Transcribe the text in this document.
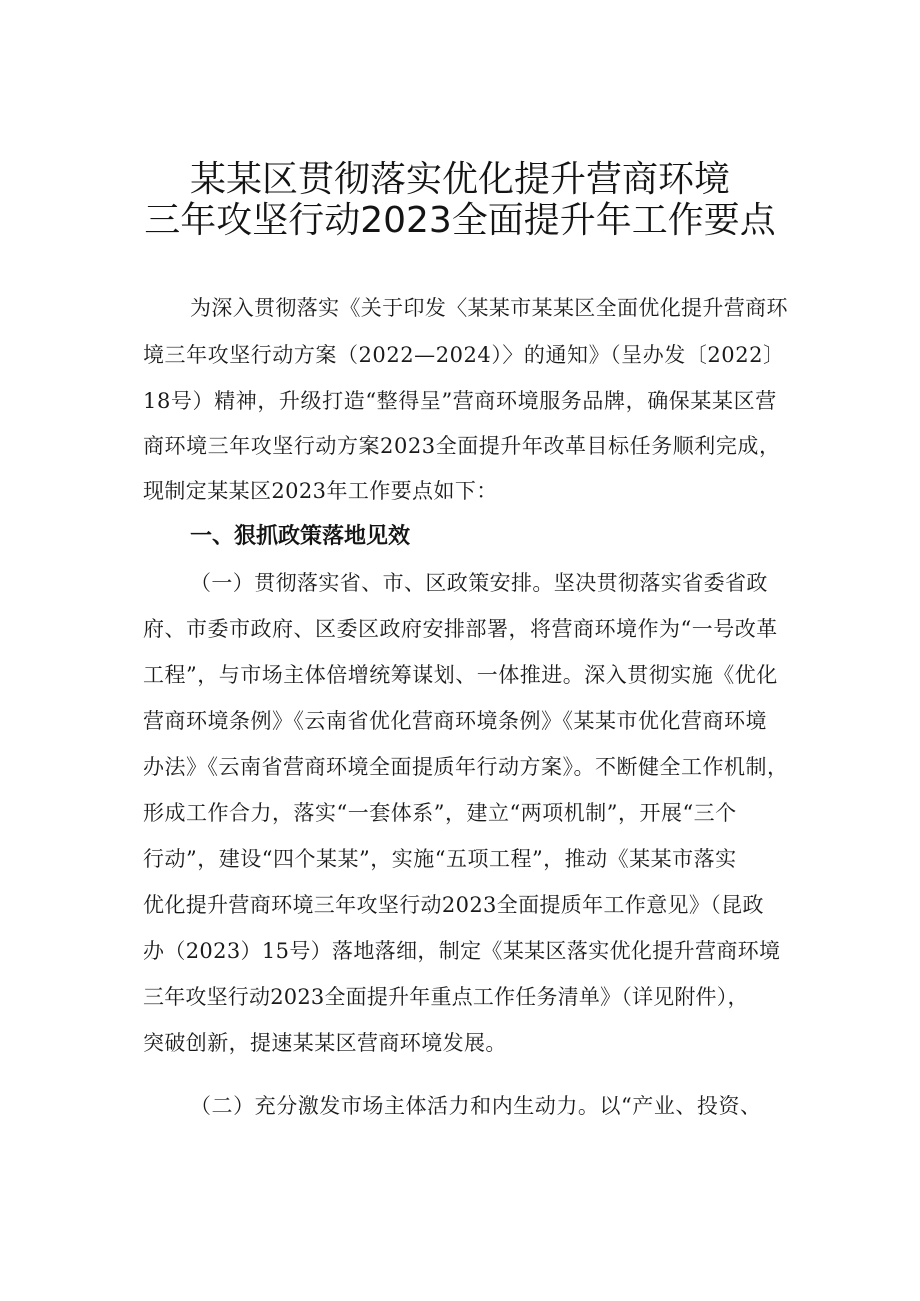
某某区贯彻落实优化提升营商环境
三年攻坚行动2023全面提升年工作要点
为深入贯彻落实《关于印发〈某某市某某区全面优化提升营商环
境三年攻坚行动方案（2022—2024）〉的通知》（呈办发〔2022〕
18号）精神，升级打造“整得呈”营商环境服务品牌，确保某某区营
商环境三年攻坚行动方案2023全面提升年改革目标任务顺利完成，
现制定某某区2023年工作要点如下：
一、狠抓政策落地见效
（一）贯彻落实省、市、区政策安排。坚决贯彻落实省委省政
府、市委市政府、区委区政府安排部署，将营商环境作为“一号改革
工程”，与市场主体倍增统筹谋划、一体推进。深入贯彻实施《优化
营商环境条例》《云南省优化营商环境条例》《某某市优化营商环境
办法》《云南省营商环境全面提质年行动方案》。不断健全工作机制，
形成工作合力，落实“一套体系”，建立“两项机制”，开展“三个
行动”，建设“四个某某”，实施“五项工程”，推动《某某市落实
优化提升营商环境三年攻坚行动2023全面提质年工作意见》（昆政
办（2023）15号）落地落细，制定《某某区落实优化提升营商环境
三年攻坚行动2023全面提升年重点工作任务清单》（详见附件），
突破创新，提速某某区营商环境发展。
（二）充分激发市场主体活力和内生动力。以“产业、投资、
